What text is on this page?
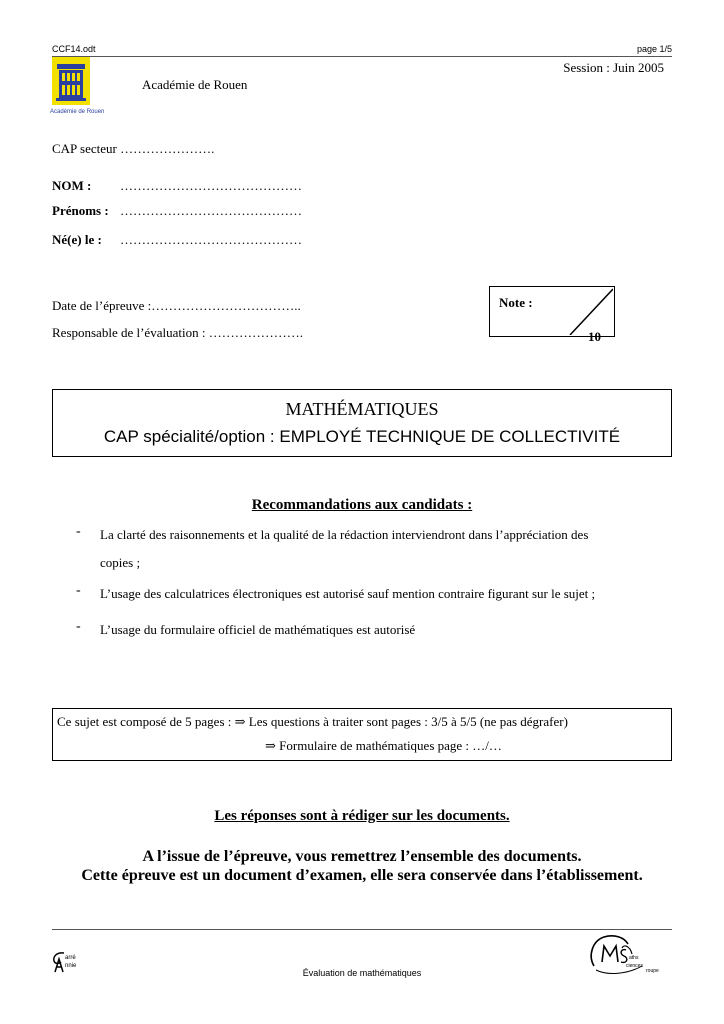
CCF14.odt	page 1/5
Session : Juin 2005
Académie de Rouen
Académie de Rouen
CAP secteur ………………….
NOM : ……………………………………
Prénoms : ……………………………………
Né(e) le : ……………………………………
Date de l’épreuve :……………………………..
Responsable de l’évaluation : ………………….
Note :
10
MATHÉMATIQUES
CAP spécialité/option : EMPLOYÉ TECHNIQUE DE COLLECTIVITÉ
Recommandations aux candidats :
- La clarté des raisonnements et la qualité de la rédaction interviendront dans l’appréciation des
copies ;
- L’usage des calculatrices électroniques est autorisé sauf mention contraire figurant sur le sujet ;
- L’usage du formulaire officiel de mathématiques est autorisé
Ce sujet est composé de 5 pages : ⇒ Les questions à traiter sont pages : 3/5 à 5/5 (ne pas dégrafer)
⇒ Formulaire de mathématiques page : …/…
Les réponses sont à rédiger sur les documents.
A l’issue de l’épreuve, vous remettrez l’ensemble des documents.
Cette épreuve est un document d’examen, elle sera conservée dans l’établissement.
arré
nnie
Évaluation de mathématiques
aths
ciences
roupe
